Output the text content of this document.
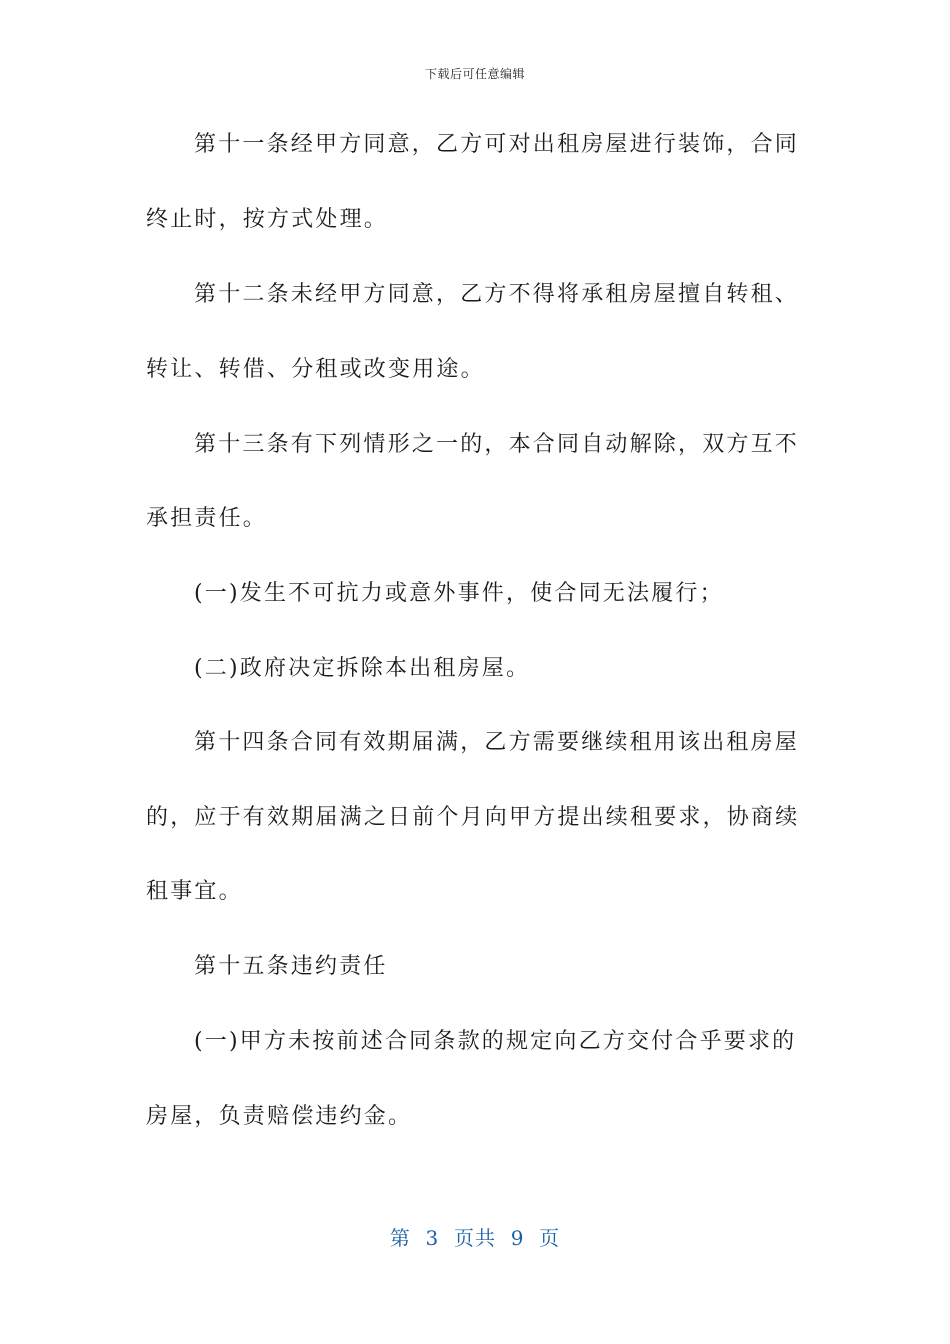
下载后可任意编辑
第十一条经甲方同意，乙方可对出租房屋进行装饰，合同
终止时，按方式处理。
第十二条未经甲方同意，乙方不得将承租房屋擅自转租、
转让、转借、分租或改变用途。
第十三条有下列情形之一的，本合同自动解除，双方互不
承担责任。
(一)发生不可抗力或意外事件，使合同无法履行；
(二)政府决定拆除本出租房屋。
第十四条合同有效期届满，乙方需要继续租用该出租房屋
的，应于有效期届满之日前个月向甲方提出续租要求，协商续
租事宜。
第十五条违约责任
(一)甲方未按前述合同条款的规定向乙方交付合乎要求的
房屋，负责赔偿违约金。
第  3  页共  9  页
